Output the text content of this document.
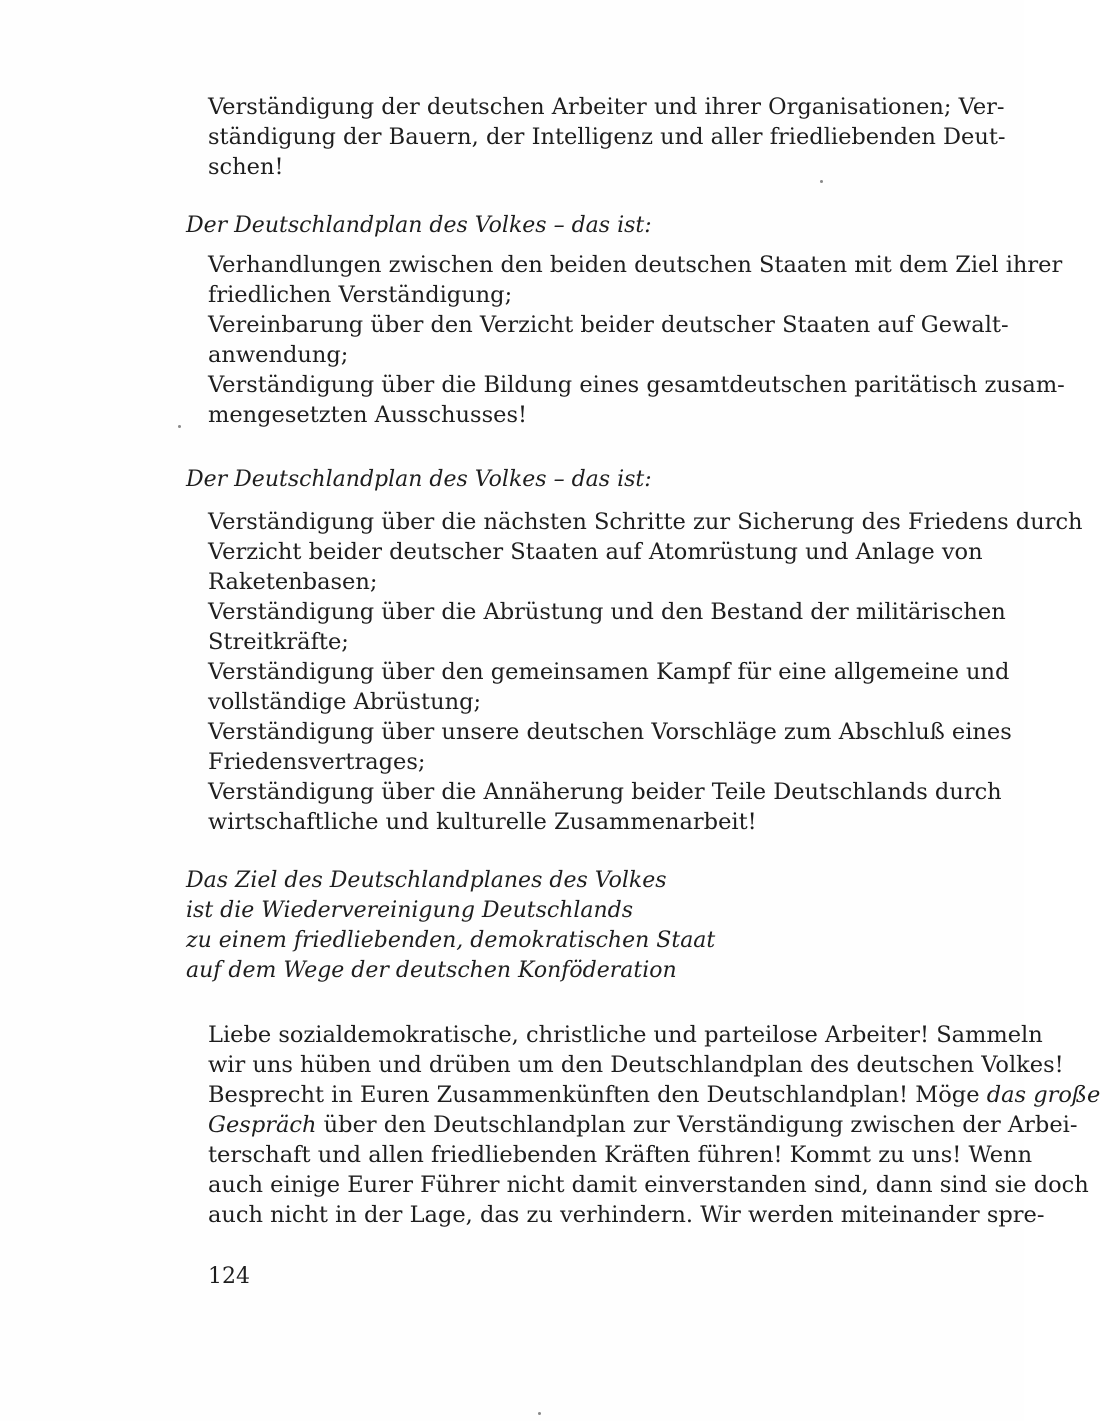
Verständigung der deutschen Arbeiter und ihrer Organisationen; Ver-
ständigung der Bauern, der Intelligenz und aller friedliebenden Deut-
schen!
Der Deutschlandplan des Volkes – das ist:
Verhandlungen zwischen den beiden deutschen Staaten mit dem Ziel ihrer
friedlichen Verständigung;
Vereinbarung über den Verzicht beider deutscher Staaten auf Gewalt-
anwendung;
Verständigung über die Bildung eines gesamtdeutschen paritätisch zusam-
mengesetzten Ausschusses!
Der Deutschlandplan des Volkes – das ist:
Verständigung über die nächsten Schritte zur Sicherung des Friedens durch
Verzicht beider deutscher Staaten auf Atomrüstung und Anlage von
Raketenbasen;
Verständigung über die Abrüstung und den Bestand der militärischen
Streitkräfte;
Verständigung über den gemeinsamen Kampf für eine allgemeine und
vollständige Abrüstung;
Verständigung über unsere deutschen Vorschläge zum Abschluß eines
Friedensvertrages;
Verständigung über die Annäherung beider Teile Deutschlands durch
wirtschaftliche und kulturelle Zusammenarbeit!
Das Ziel des Deutschlandplanes des Volkes
ist die Wiedervereinigung Deutschlands
zu einem friedliebenden, demokratischen Staat
auf dem Wege der deutschen Konföderation
Liebe sozialdemokratische, christliche und parteilose Arbeiter! Sammeln
wir uns hüben und drüben um den Deutschlandplan des deutschen Volkes!
Besprecht in Euren Zusammenkünften den Deutschlandplan! Möge das große
Gespräch über den Deutschlandplan zur Verständigung zwischen der Arbei-
terschaft und allen friedliebenden Kräften führen! Kommt zu uns! Wenn
auch einige Eurer Führer nicht damit einverstanden sind, dann sind sie doch
auch nicht in der Lage, das zu verhindern. Wir werden miteinander spre-
124
